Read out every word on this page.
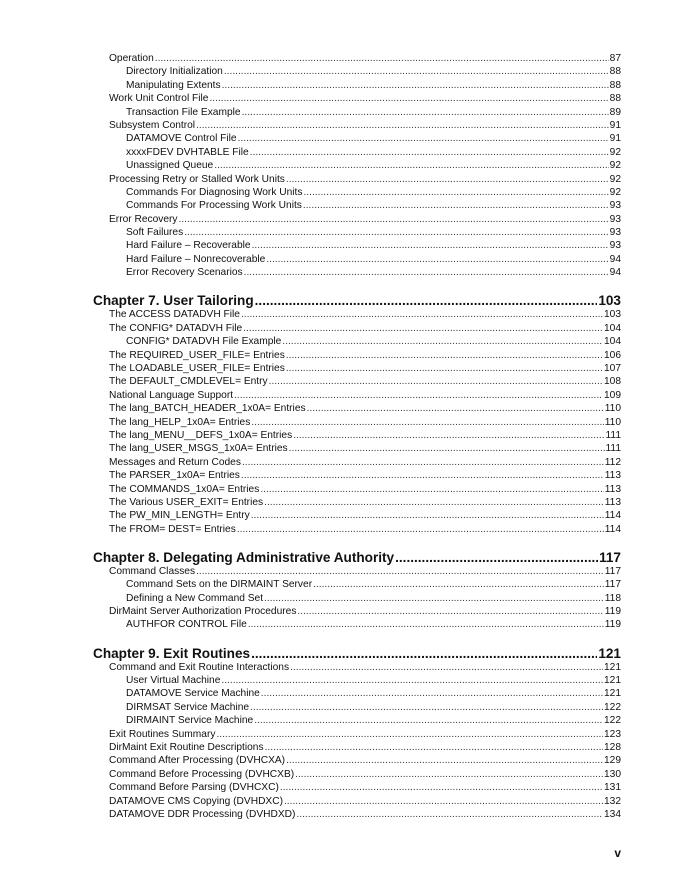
Operation .....	87
Directory Initialization .....	88
Manipulating Extents .....	88
Work Unit Control File .....	88
Transaction File Example .....	89
Subsystem Control .....	91
DATAMOVE Control File .....	91
xxxxFDEV DVHTABLE File .....	92
Unassigned Queue .....	92
Processing Retry or Stalled Work Units .....	92
Commands For Diagnosing Work Units .....	92
Commands For Processing Work Units .....	93
Error Recovery .....	93
Soft Failures .....	93
Hard Failure – Recoverable .....	93
Hard Failure – Nonrecoverable .....	94
Error Recovery Scenarios .....	94
Chapter 7. User Tailoring .....	103
The ACCESS DATADVH File .....	103
The CONFIG* DATADVH File .....	104
CONFIG* DATADVH File Example .....	104
The REQUIRED_USER_FILE= Entries .....	106
The LOADABLE_USER_FILE= Entries .....	107
The DEFAULT_CMDLEVEL= Entry .....	108
National Language Support .....	109
The lang_BATCH_HEADER_1x0A= Entries .....	110
The lang_HELP_1x0A= Entries .....	110
The lang_MENU__DEFS_1x0A= Entries .....	111
The lang_USER_MSGS_1x0A= Entries .....	111
Messages and Return Codes .....	112
The PARSER_1x0A= Entries .....	113
The COMMANDS_1x0A= Entries .....	113
The Various USER_EXIT= Entries .....	113
The PW_MIN_LENGTH= Entry .....	114
The FROM= DEST= Entries .....	114
Chapter 8. Delegating Administrative Authority .....	117
Command Classes .....	117
Command Sets on the DIRMAINT Server .....	117
Defining a New Command Set .....	118
DirMaint Server Authorization Procedures .....	119
AUTHFOR CONTROL File .....	119
Chapter 9. Exit Routines .....	121
Command and Exit Routine Interactions .....	121
User Virtual Machine .....	121
DATAMOVE Service Machine .....	121
DIRMSAT Service Machine .....	122
DIRMAINT Service Machine .....	122
Exit Routines Summary .....	123
DirMaint Exit Routine Descriptions .....	128
Command After Processing (DVHCXA) .....	129
Command Before Processing (DVHCXB) .....	130
Command Before Parsing (DVHCXC) .....	131
DATAMOVE CMS Copying (DVHDXC) .....	132
DATAMOVE DDR Processing (DVHDXD) .....	134
v
